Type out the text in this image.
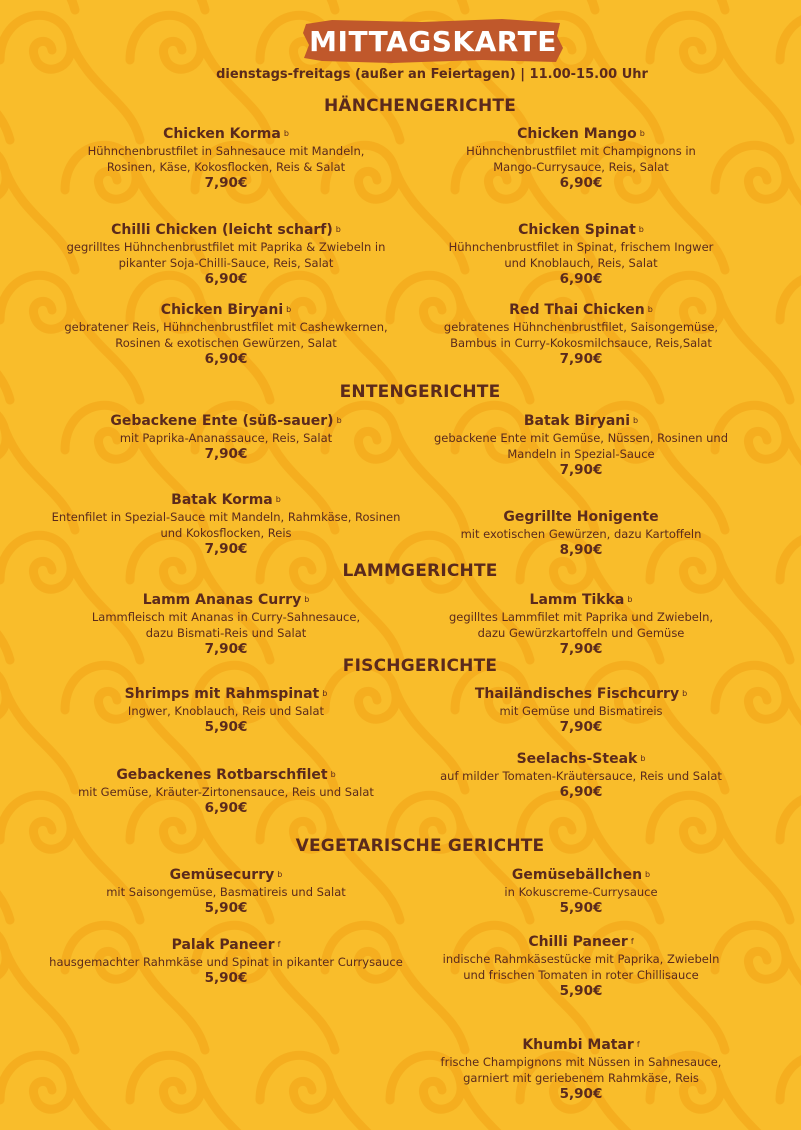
MITTAGSKARTE
dienstags-freitags (außer an Feiertagen) | 11.00-15.00 Uhr
HÄNCHENGERICHTE
ENTENGERICHTE
LAMMGERICHTE
FISCHGERICHTE
VEGETARISCHE GERICHTE
Chicken Korma $^b$
Hühnchenbrustfilet in Sahnesauce mit Mandeln,
Rosinen, Käse, Kokosflocken, Reis & Salat
7,90€
Chicken Mango $^b$
Hühnchenbrustfilet mit Champignons in
Mango-Currysauce, Reis, Salat
6,90€
Chilli Chicken (leicht scharf) $^b$
gegrilltes Hühnchenbrustfilet mit Paprika & Zwiebeln in
pikanter Soja-Chilli-Sauce, Reis, Salat
6,90€
Chicken Spinat $^b$
Hühnchenbrustfilet in Spinat, frischem Ingwer
und Knoblauch, Reis, Salat
6,90€
Chicken Biryani $^b$
gebratener Reis, Hühnchenbrustfilet mit Cashewkernen,
Rosinen & exotischen Gewürzen, Salat
6,90€
Red Thai Chicken $^b$
gebratenes Hühnchenbrustfilet, Saisongemüse,
Bambus in Curry-Kokosmilchsauce, Reis,Salat
7,90€
Gebackene Ente (süß-sauer) $^b$
mit Paprika-Ananassauce, Reis, Salat
7,90€
Batak Biryani $^b$
gebackene Ente mit Gemüse, Nüssen, Rosinen und
Mandeln in Spezial-Sauce
7,90€
Batak Korma $^b$
Entenfilet in Spezial-Sauce mit Mandeln, Rahmkäse, Rosinen
und Kokosflocken, Reis
7,90€
Gegrillte Honigente
mit exotischen Gewürzen, dazu Kartoffeln
8,90€
Lamm Ananas Curry $^b$
Lammfleisch mit Ananas in Curry-Sahnesauce,
dazu Bismati-Reis und Salat
7,90€
Lamm Tikka $^b$
gegilltes Lammfilet mit Paprika und Zwiebeln,
dazu Gewürzkartoffeln und Gemüse
7,90€
Shrimps mit Rahmspinat $^b$
Ingwer, Knoblauch, Reis und Salat
5,90€
Thailändisches Fischcurry $^b$
mit Gemüse und Bismatireis
7,90€
Seelachs-Steak $^b$
auf milder Tomaten-Kräutersauce, Reis und Salat
6,90€
Gebackenes Rotbarschfilet $^b$
mit Gemüse, Kräuter-Zirtonensauce, Reis und Salat
6,90€
Gemüsecurry $^b$
mit Saisongemüse, Basmatireis und Salat
5,90€
Gemüsebällchen $^b$
in Kokuscreme-Currysauce
5,90€
Palak Paneer $^f$
hausgemachter Rahmkäse und Spinat in pikanter Currysauce
5,90€
Chilli Paneer $^f$
indische Rahmkäsestücke mit Paprika, Zwiebeln
und frischen Tomaten in roter Chillisauce
5,90€
Khumbi Matar $^f$
frische Champignons mit Nüssen in Sahnesauce,
garniert mit geriebenem Rahmkäse, Reis
5,90€
